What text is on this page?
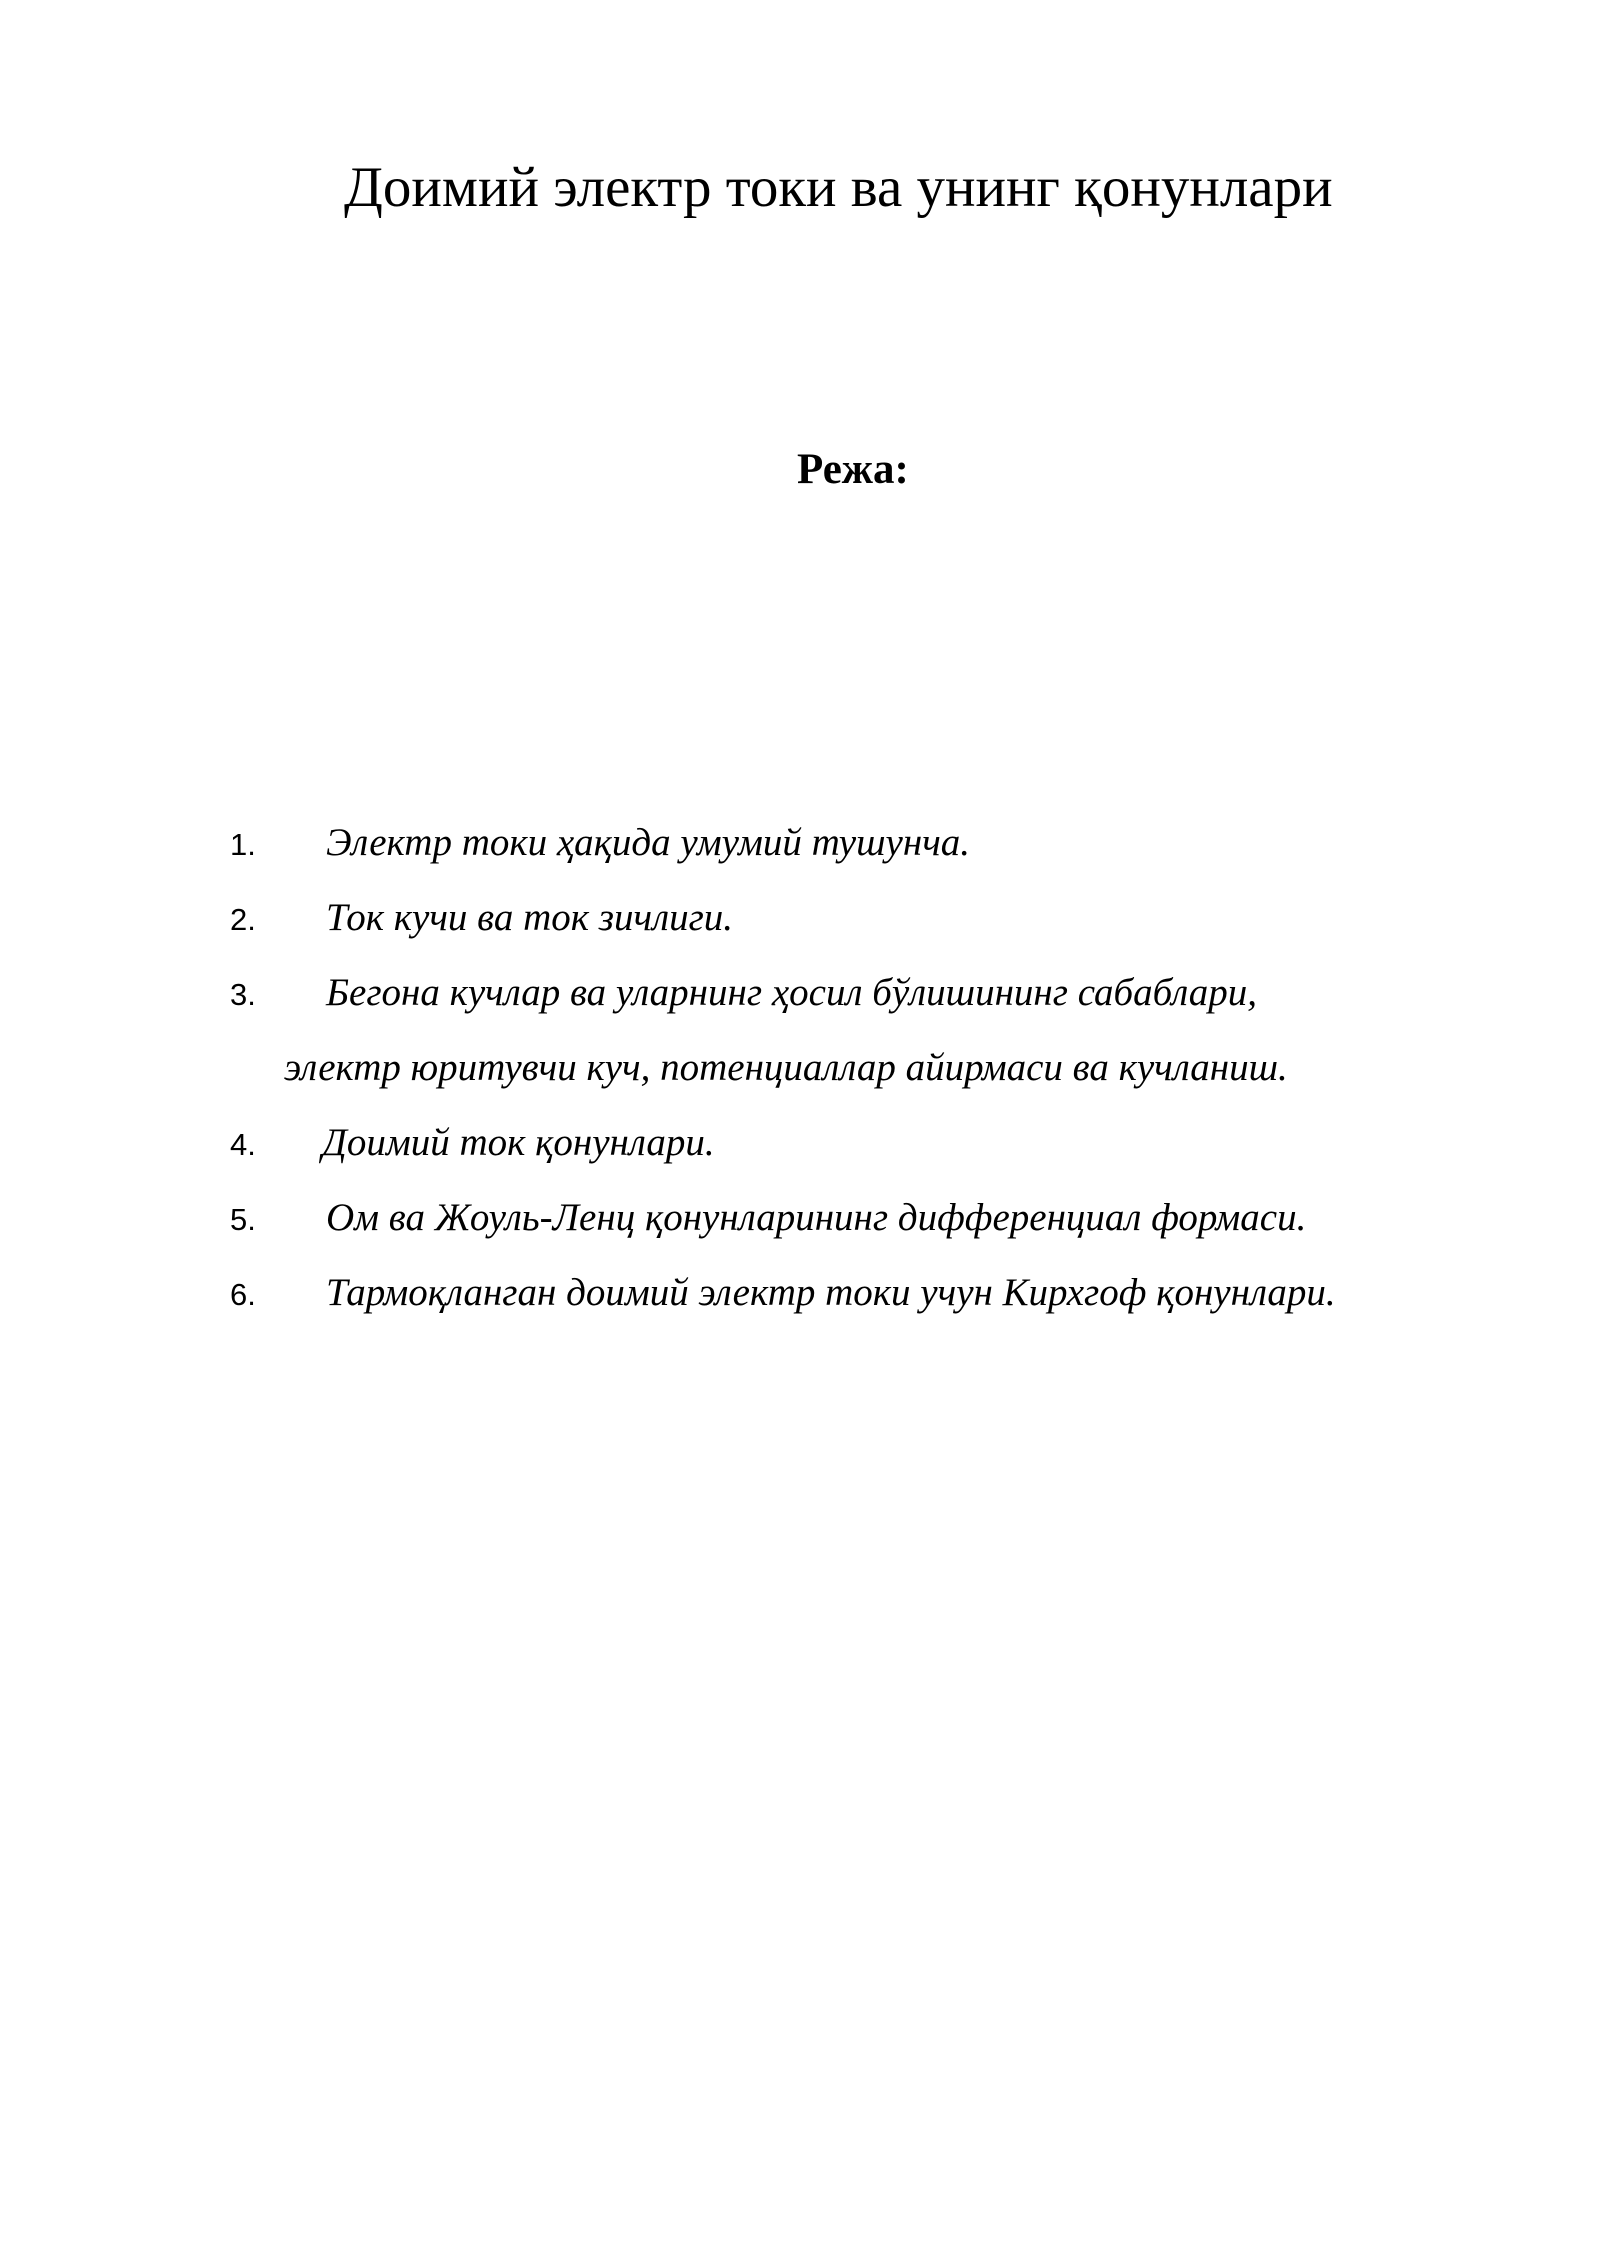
Доимий электр токи ва унинг қонунлари
Режа:
1. Электр токи ҳақида умумий тушунча.
2. Ток кучи ва ток зичлиги.
3. Бегона кучлар ва уларнинг ҳосил бўлишининг сабаблари,
электр юритувчи куч, потенциаллар айирмаси ва кучланиш.
4. Доимий ток қонунлари.
5. Ом ва Жоуль-Ленц қонунларининг дифференциал формаси.
6. Тармоқланган доимий электр токи учун Кирхгоф қонунлари.
